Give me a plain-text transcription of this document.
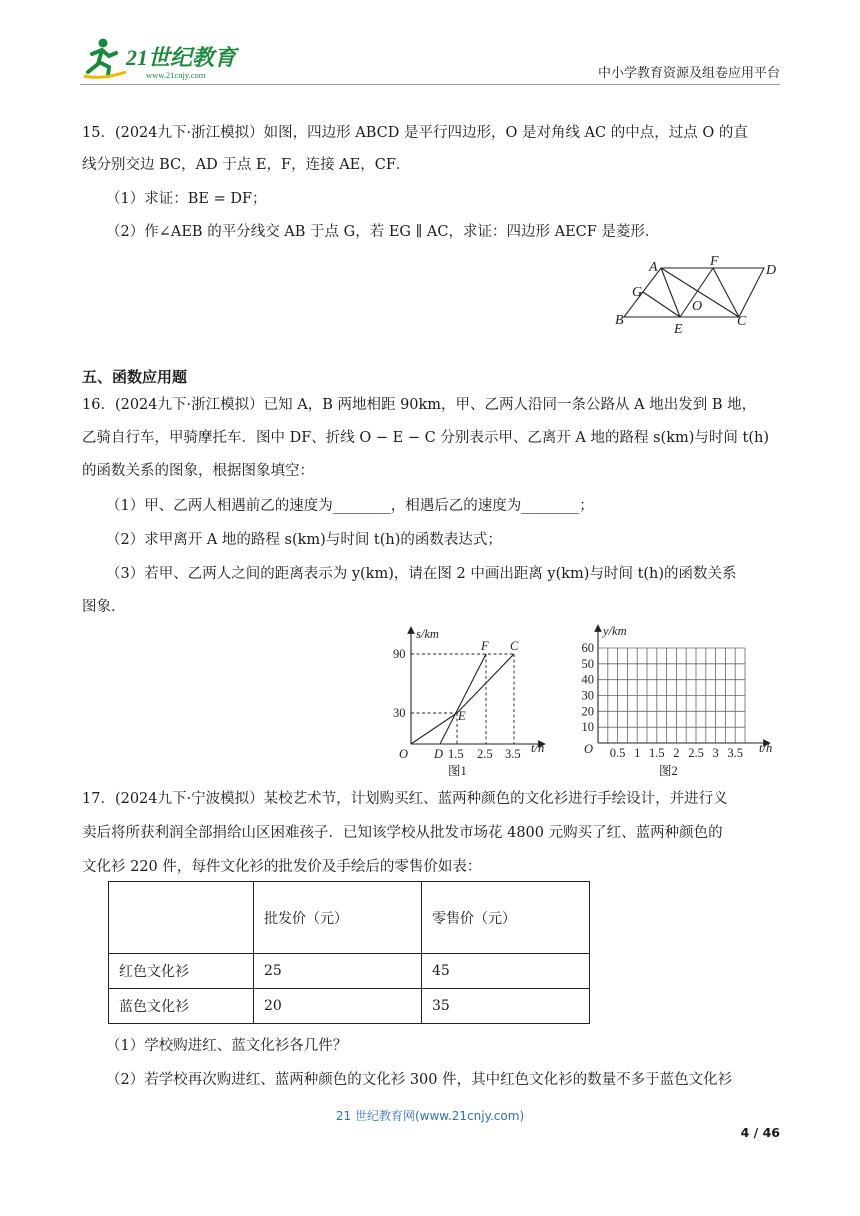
21世纪教育
www.21cnjy.com	中小学教育资源及组卷应用平台
15．(2024九下·浙江模拟）如图，四边形 ABCD 是平行四边形，O 是对角线 AC 的中点，过点 O 的直
线分别交边 BC，AD 于点 E，F，连接 AE，CF．
（1）求证：BE = DF；
（2）作∠AEB 的平分线交 AB 于点 G，若 EG ∥ AC，求证：四边形 AECF 是菱形．
A	F
D
G
O
B
E
C
五、函数应用题
16．(2024九下·浙江模拟）已知 A，B 两地相距 90km，甲、乙两人沿同一条公路从 A 地出发到 B 地，
乙骑自行车，甲骑摩托车．图中 DF、折线 O − E − C 分别表示甲、乙离开 A 地的路程 s(km)与时间 t(h)
的函数关系的图象，根据图象填空：
（1）甲、乙两人相遇前乙的速度为________，相遇后乙的速度为________；
（2）求甲离开 A 地的路程 s(km)与时间 t(h)的函数表达式；
（3）若甲、乙两人之间的距离表示为 y(km)，请在图 2 中画出距离 y(km)与时间 t(h)的函数关系
图象．
s/km
t/h
O
90
30
D 1.5 2.5 3.5
E
F C
图1
10
20
30
40
50
60
0.5 1 1.5 2 2.5 3 3.5
y/km
t/h
O
图2
17．(2024九下·宁波模拟）某校艺术节，计划购买红、蓝两种颜色的文化衫进行手绘设计，并进行义
卖后将所获利润全部捐给山区困难孩子．已知该学校从批发市场花 4800 元购买了红、蓝两种颜色的
文化衫 220 件，每件文化衫的批发价及手绘后的零售价如表：
	批发价（元）	零售价（元）
红色文化衫	25	45
蓝色文化衫	20	35
（1）学校购进红、蓝文化衫各几件？
（2）若学校再次购进红、蓝两种颜色的文化衫 300 件，其中红色文化衫的数量不多于蓝色文化衫
21 世纪教育网(www.21cnjy.com)
4 / 46
